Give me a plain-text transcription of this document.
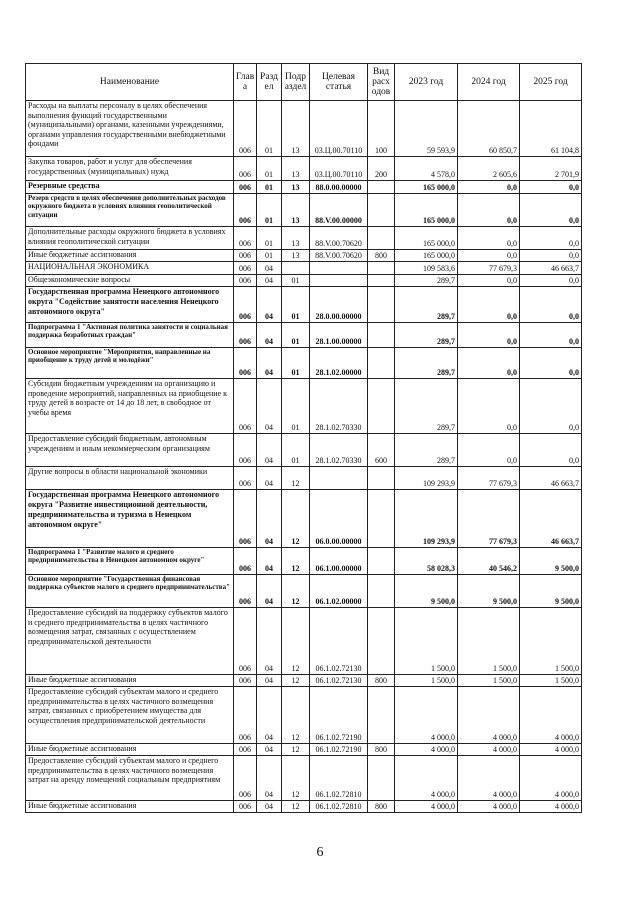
Наименование	Глав а	Разд ел	Подр аздел	Целевая статья	Вид расх одов	2023 год	2024 год	2025 год
Расходы на выплаты персоналу в целях обеспечения выполнения функций государственными (муниципальными) органами, казенными учреждениями, органами управления государственными внебюджетными фондами	006	01	13	03.Ц.00.70110	100	59 593,9	60 850,7	61 104,8
Закупка товаров, работ и услуг для обеспечения государственных (муниципальных) нужд	006	01	13	03.Ц.00.70110	200	4 578,0	2 605,6	2 701,9
Резервные средства	006	01	13	88.0.00.00000		165 000,0	0,0	0,0
Резерв средств в целях обеспечения дополнительных расходов окружного бюджета в условиях влияния геополитической ситуации	006	01	13	88.V.00.00000		165 000,0	0,0	0,0
Дополнительные расходы окружного бюджета в условиях влияния геополитической ситуации	006	01	13	88.V.00.70620		165 000,0	0,0	0,0
Иные бюджетные ассигнования	006	01	13	88.V.00.70620	800	165 000,0	0,0	0,0
НАЦИОНАЛЬНАЯ ЭКОНОМИКА	006	04				109 583,6	77 679,3	46 663,7
Общеэкономические вопросы	006	04	01			289,7	0,0	0,0
Государственная программа Ненецкого автономного округа "Содействие занятости населения Ненецкого автономного округа"	006	04	01	28.0.00.00000		289,7	0,0	0,0
Подпрограмма 1 "Активная политика занятости и социальная поддержка безработных граждан"	006	04	01	28.1.00.00000		289,7	0,0	0,0
Основное мероприятие "Мероприятия, направленные на приобщение к труду детей и молодёжи"	006	04	01	28.1.02.00000		289,7	0,0	0,0
Субсидии бюджетным учреждениям на организацию и проведение мероприятий, направленных на приобщение к труду детей в возрасте от 14 до 18 лет, в свободное от учебы время	006	04	01	28.1.02.70330		289,7	0,0	0,0
Предоставление субсидий бюджетным, автономным учреждениям и иным некоммерческим организациям	006	04	01	28.1.02.70330	600	289,7	0,0	0,0
Другие вопросы в области национальной экономики	006	04	12			109 293,9	77 679,3	46 663,7
Государственная программа Ненецкого автономного округа "Развитие инвестиционной деятельности, предпринимательства и туризма в Ненецком автономном округе"	006	04	12	06.0.00.00000		109 293,9	77 679,3	46 663,7
Подпрограмма 1 "Развитие малого и среднего предпринимательства в Ненецком автономном округе"	006	04	12	06.1.00.00000		58 028,3	40 546,2	9 500,0
Основное мероприятие "Государственная финансовая поддержка субъектов малого и среднего предпринимательства"	006	04	12	06.1.02.00000		9 500,0	9 500,0	9 500,0
Предоставление субсидий на поддержку субъектов малого и среднего предпринимательства в целях частичного возмещения затрат, связанных с осуществлением предпринимательской деятельности	006	04	12	06.1.02.72130		1 500,0	1 500,0	1 500,0
Иные бюджетные ассигнования	006	04	12	06.1.02.72130	800	1 500,0	1 500,0	1 500,0
Предоставление субсидий субъектам малого и среднего предпринимательства в целях частичного возмещения затрат, связанных с приобретением имущества для осуществления предпринимательской деятельности	006	04	12	06.1.02.72190		4 000,0	4 000,0	4 000,0
Иные бюджетные ассигнования	006	04	12	06.1.02.72190	800	4 000,0	4 000,0	4 000,0
Предоставление субсидий субъектам малого и среднего предпринимательства в целях частичного возмещения затрат на аренду помещений социальным предприятиям	006	04	12	06.1.02.72810		4 000,0	4 000,0	4 000,0
Иные бюджетные ассигнования	006	04	12	06.1.02.72810	800	4 000,0	4 000,0	4 000,0
6
